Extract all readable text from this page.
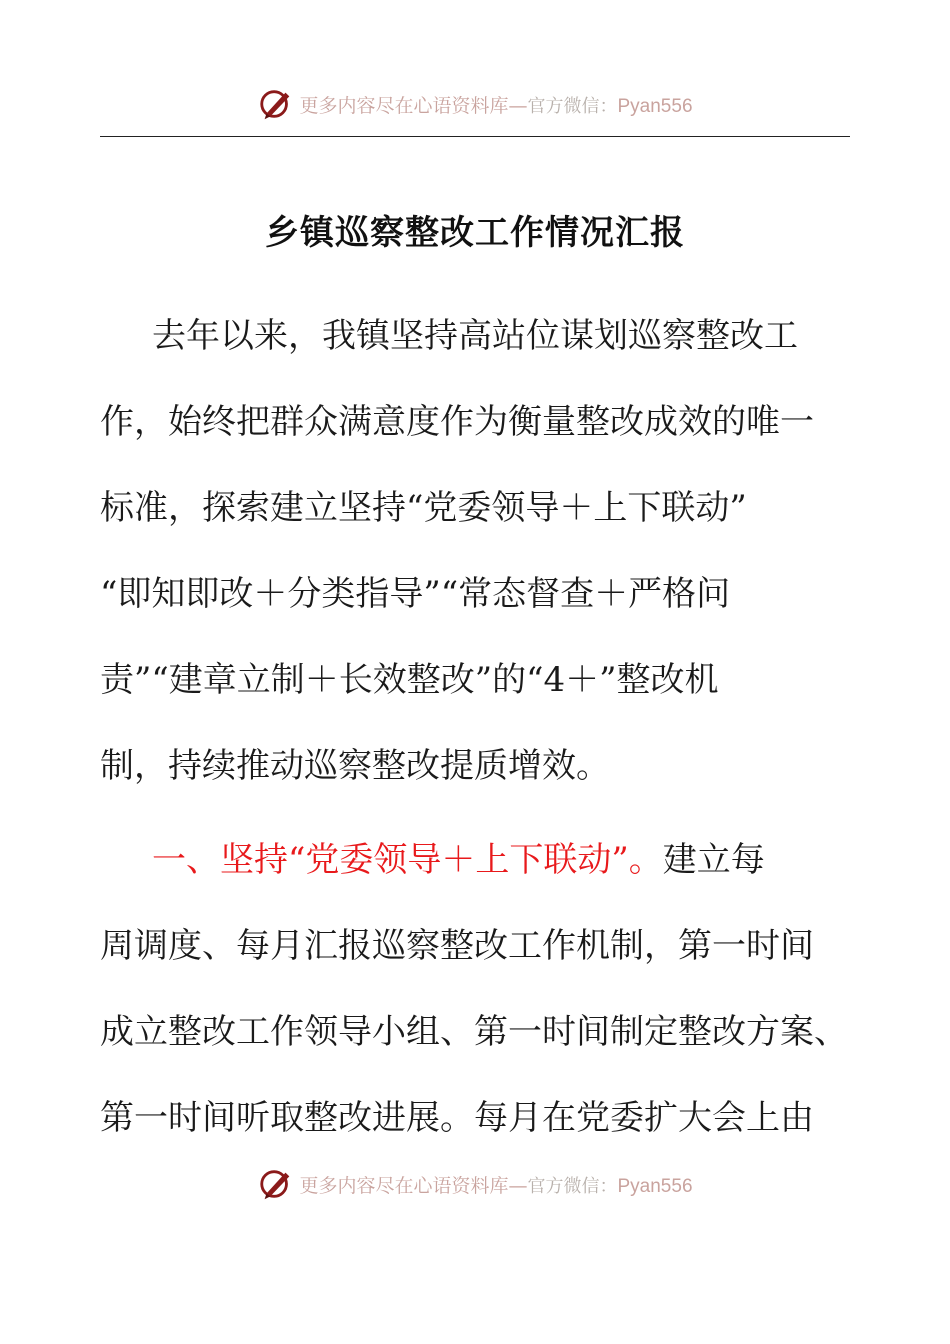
更多内容尽在心语资料库—官方微信：Pyan556
乡镇巡察整改工作情况汇报
去年以来，我镇坚持高站位谋划巡察整改工
作，始终把群众满意度作为衡量整改成效的唯一
标准，探索建立坚持“党委领导＋上下联动”
“即知即改＋分类指导”“常态督查＋严格问
责”“建章立制＋长效整改”的“4＋”整改机
制，持续推动巡察整改提质增效。
一、坚持“党委领导＋上下联动”。建立每
周调度、每月汇报巡察整改工作机制，第一时间
成立整改工作领导小组、第一时间制定整改方案、
第一时间听取整改进展。每月在党委扩大会上由
更多内容尽在心语资料库—官方微信：Pyan556
